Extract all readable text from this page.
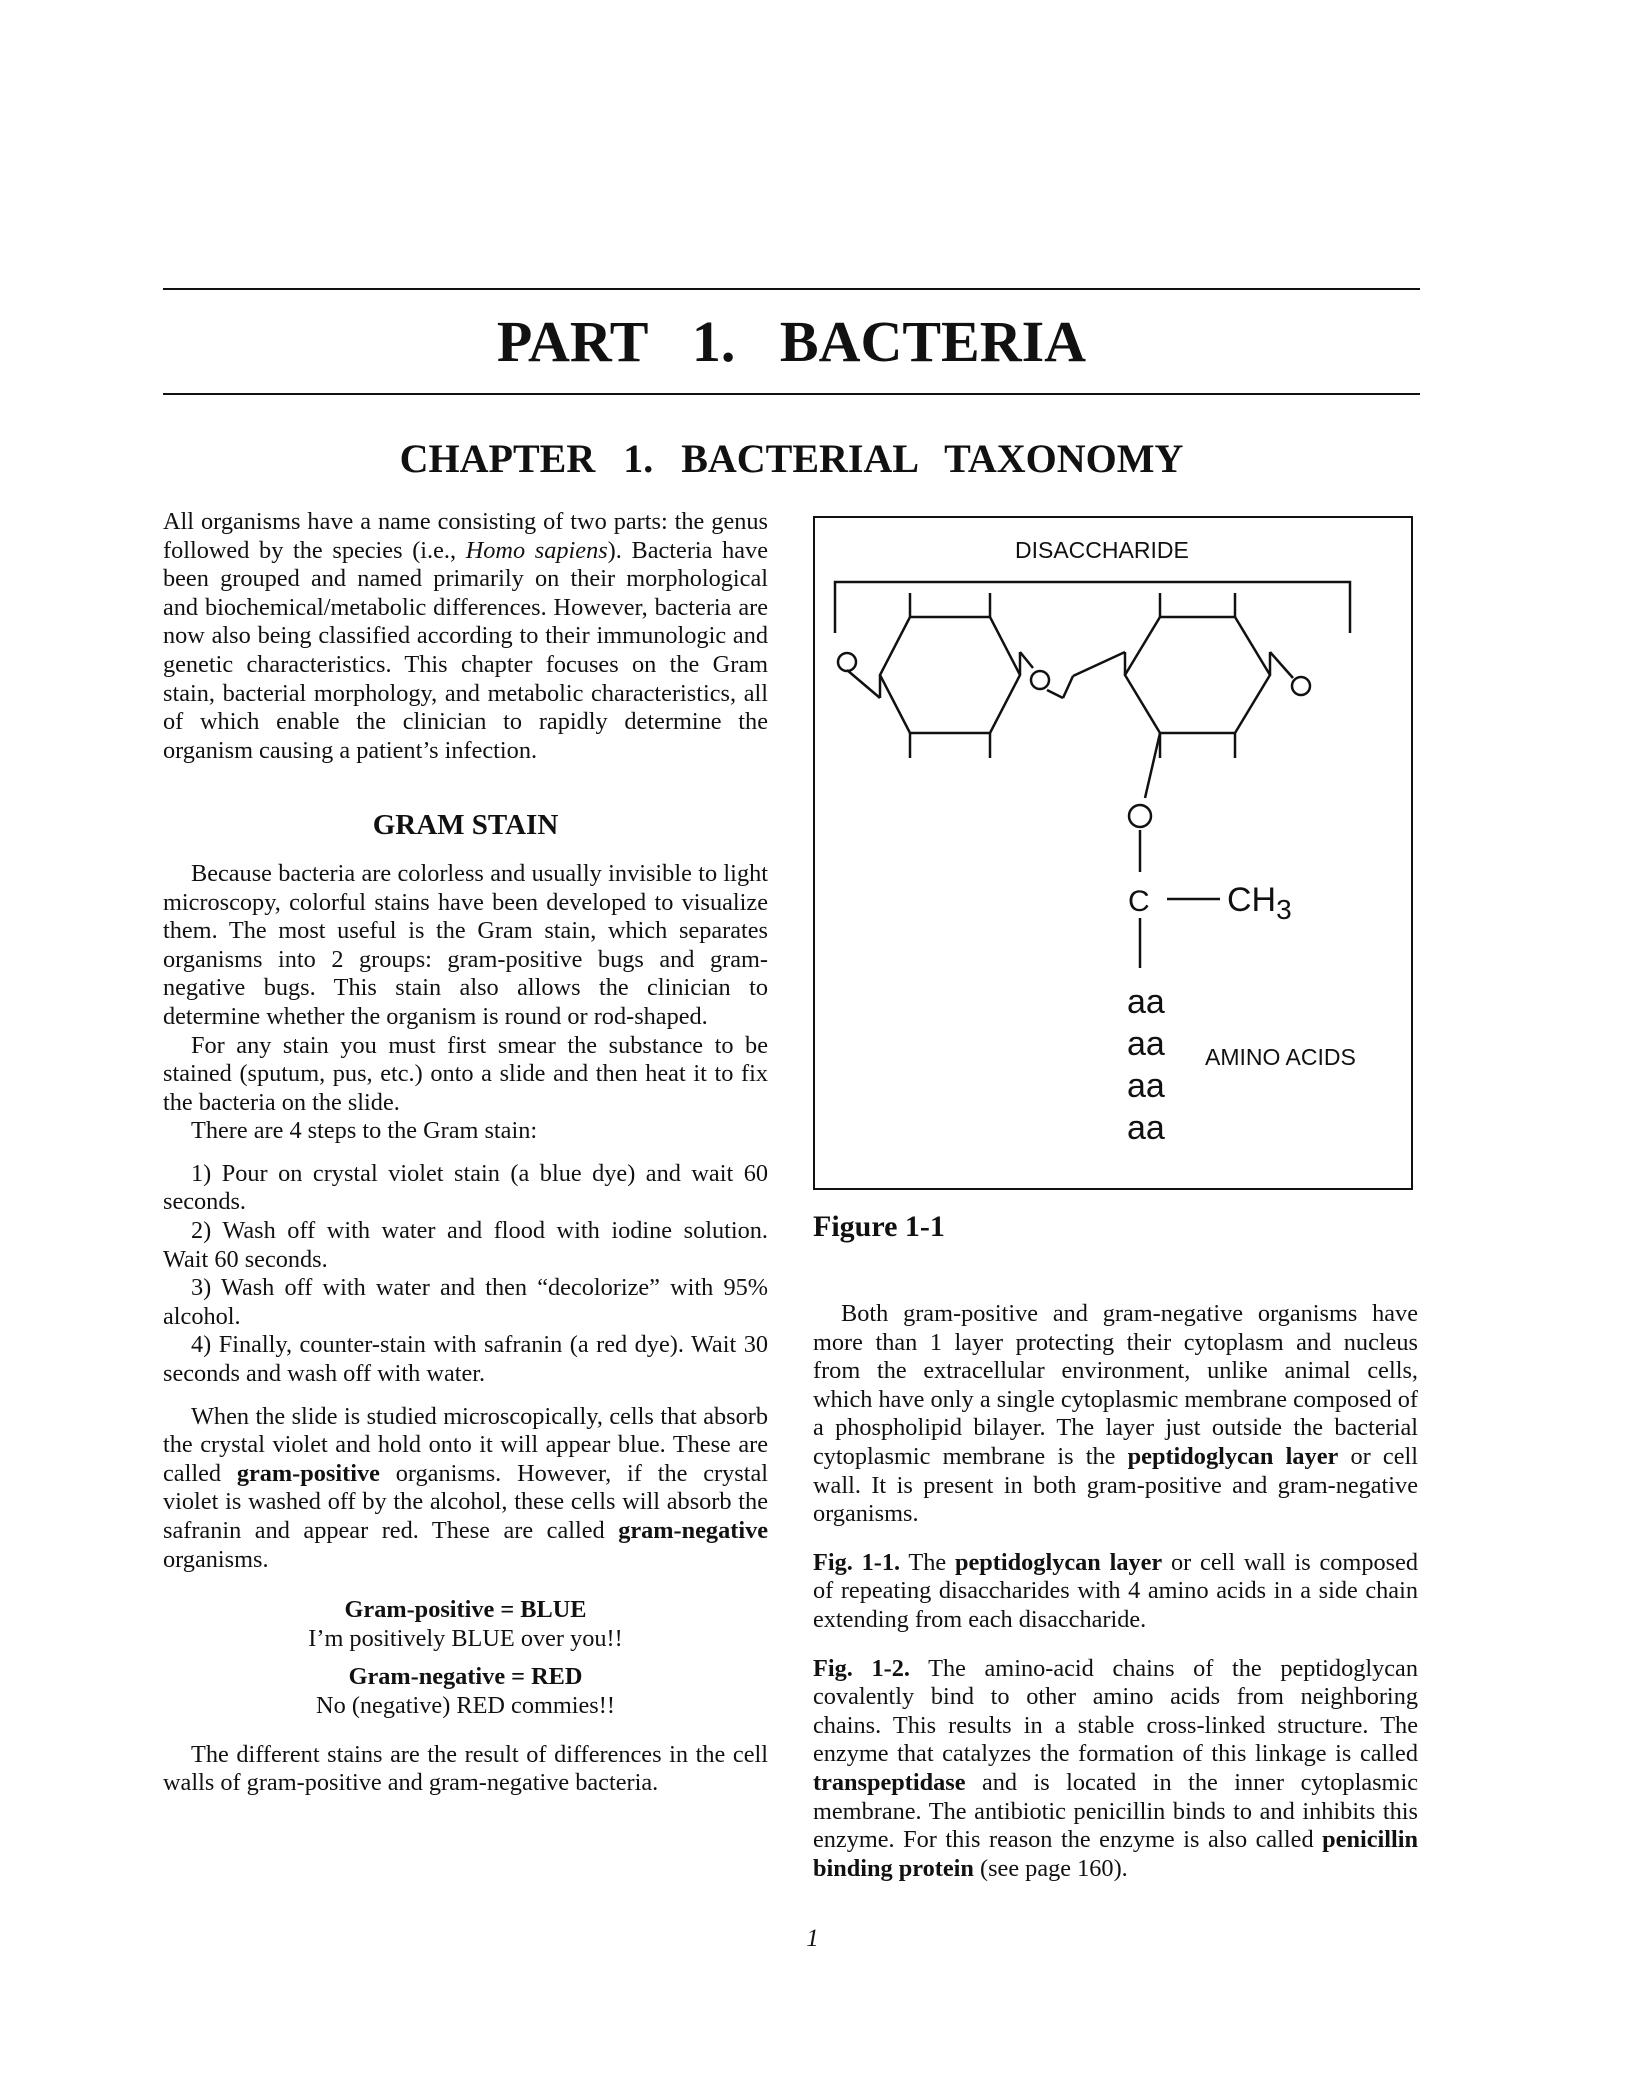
PART 1. BACTERIA
CHAPTER 1. BACTERIAL TAXONOMY

All organisms have a name consisting of two parts: the genus followed by the species (i.e., Homo sapiens). Bacteria have been grouped and named primarily on their morphological and biochemical/metabolic differences. However, bacteria are now also being classified according to their immunologic and genetic characteristics. This chapter focuses on the Gram stain, bacterial morphology, and metabolic characteristics, all of which enable the clinician to rapidly determine the organism causing a patient’s infection.

GRAM STAIN

Because bacteria are colorless and usually invisible to light microscopy, colorful stains have been developed to visualize them. The most useful is the Gram stain, which separates organisms into 2 groups: gram-positive bugs and gram-negative bugs. This stain also allows the clinician to determine whether the organism is round or rod-shaped.

For any stain you must first smear the substance to be stained (sputum, pus, etc.) onto a slide and then heat it to fix the bacteria on the slide.

There are 4 steps to the Gram stain:

1) Pour on crystal violet stain (a blue dye) and wait 60 seconds.

2) Wash off with water and flood with iodine solution. Wait 60 seconds.

3) Wash off with water and then “decolorize” with 95% alcohol.

4) Finally, counter-stain with safranin (a red dye). Wait 30 seconds and wash off with water.

When the slide is studied microscopically, cells that absorb the crystal violet and hold onto it will appear blue. These are called gram-positive organisms. However, if the crystal violet is washed off by the alcohol, these cells will absorb the safranin and appear red. These are called gram-negative organisms.

Gram-positive = BLUE
I’m positively BLUE over you!!
Gram-negative = RED
No (negative) RED commies!!

The different stains are the result of differences in the cell walls of gram-positive and gram-negative bacteria.

DISACCHARIDE
C $CH_3$
aa
aa
aa
aa
AMINO ACIDS
Figure 1-1

Both gram-positive and gram-negative organisms have more than 1 layer protecting their cytoplasm and nucleus from the extracellular environment, unlike animal cells, which have only a single cytoplasmic membrane composed of a phospholipid bilayer. The layer just outside the bacterial cytoplasmic membrane is the peptidoglycan layer or cell wall. It is present in both gram-positive and gram-negative organisms.

Fig. 1-1. The peptidoglycan layer or cell wall is composed of repeating disaccharides with 4 amino acids in a side chain extending from each disaccharide.

Fig. 1-2. The amino-acid chains of the peptidoglycan covalently bind to other amino acids from neighboring chains. This results in a stable cross-linked structure. The enzyme that catalyzes the formation of this linkage is called transpeptidase and is located in the inner cytoplasmic membrane. The antibiotic penicillin binds to and inhibits this enzyme. For this reason the enzyme is also called penicillin binding protein (see page 160).

1
